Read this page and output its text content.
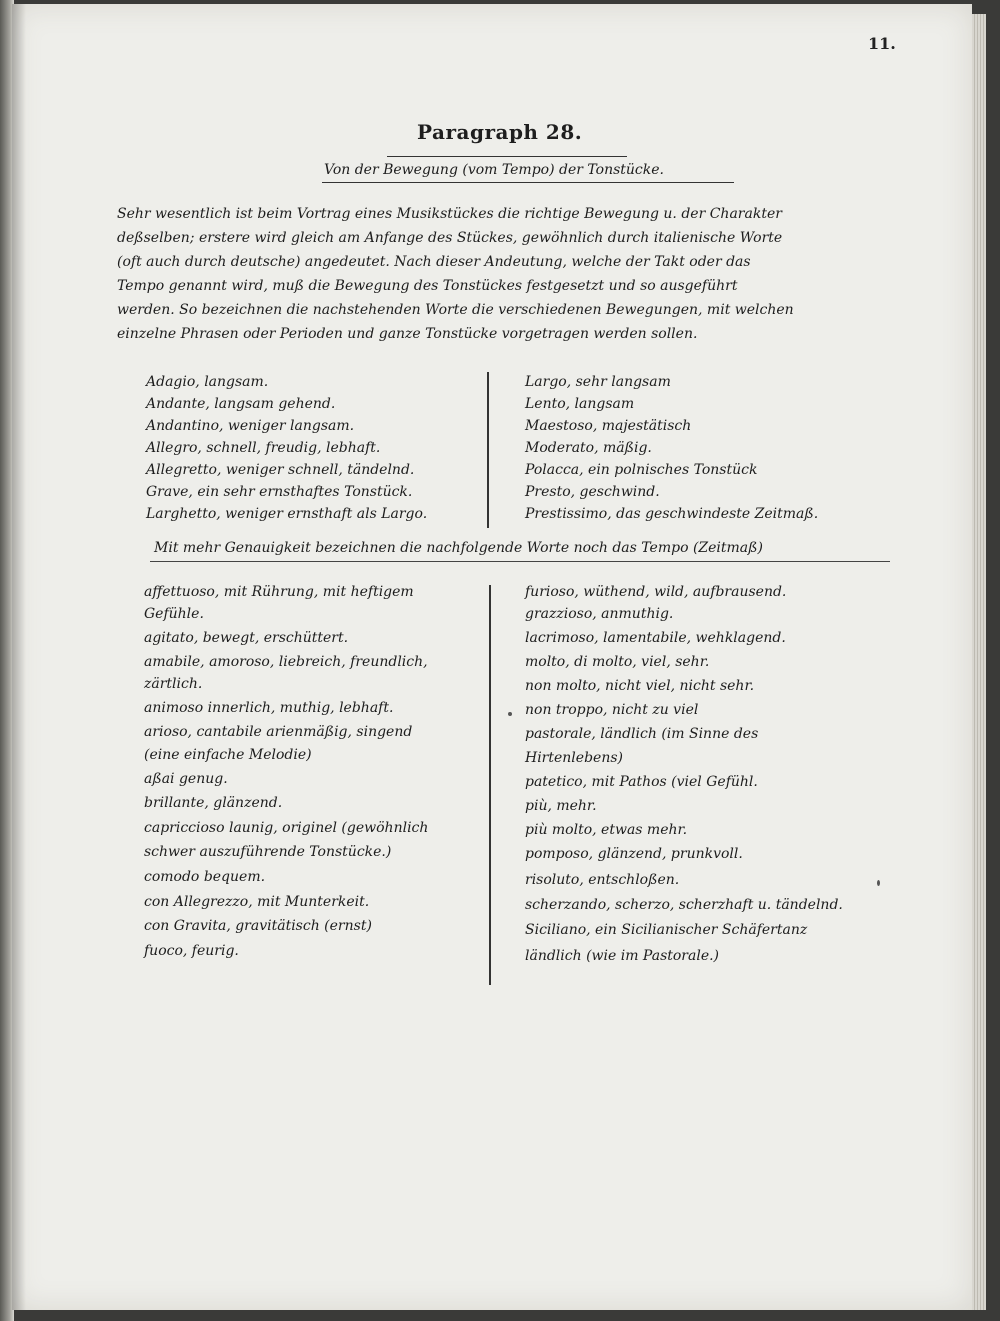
11.
Paragraph 28.
Von der Bewegung (vom Tempo) der Tonstücke.
Sehr wesentlich ist beim Vortrag eines Musikstückes die richtige Bewegung u. der Charakter
deßselben; erstere wird gleich am Anfange des Stückes, gewöhnlich durch italienische Worte
(oft auch durch deutsche) angedeutet. Nach dieser Andeutung, welche der Takt oder das
Tempo genannt wird, muß die Bewegung des Tonstückes festgesetzt und so ausgeführt
werden. So bezeichnen die nachstehenden Worte die verschiedenen Bewegungen, mit welchen
einzelne Phrasen oder Perioden und ganze Tonstücke vorgetragen werden sollen.
Adagio, langsam.
Andante, langsam gehend.
Andantino, weniger langsam.
Allegro, schnell, freudig, lebhaft.
Allegretto, weniger schnell, tändelnd.
Grave, ein sehr ernsthaftes Tonstück.
Larghetto, weniger ernsthaft als Largo.
Largo, sehr langsam
Lento, langsam
Maestoso, majestätisch
Moderato, mäßig.
Polacca, ein polnisches Tonstück
Presto, geschwind.
Prestissimo, das geschwindeste Zeitmaß.
Mit mehr Genauigkeit bezeichnen die nachfolgende Worte noch das Tempo (Zeitmaß)
affettuoso, mit Rührung, mit heftigem
Gefühle.
agitato, bewegt, erschüttert.
amabile, amoroso, liebreich, freundlich,
zärtlich.
animoso innerlich, muthig, lebhaft.
arioso, cantabile arienmäßig, singend
(eine einfache Melodie)
aßai genug.
brillante, glänzend.
capriccioso launig, originel (gewöhnlich
schwer auszuführende Tonstücke.)
comodo bequem.
con Allegrezzo, mit Munterkeit.
con Gravita, gravitätisch (ernst)
fuoco, feurig.
furioso, wüthend, wild, aufbrausend.
grazzioso, anmuthig.
lacrimoso, lamentabile, wehklagend.
molto, di molto, viel, sehr.
non molto, nicht viel, nicht sehr.
non troppo, nicht zu viel
pastorale, ländlich (im Sinne des
Hirtenlebens)
patetico, mit Pathos (viel Gefühl.
più, mehr.
più molto, etwas mehr.
pomposo, glänzend, prunkvoll.
risoluto, entschloßen.
scherzando, scherzo, scherzhaft u. tändelnd.
Siciliano, ein Sicilianischer Schäfertanz
ländlich (wie im Pastorale.)
